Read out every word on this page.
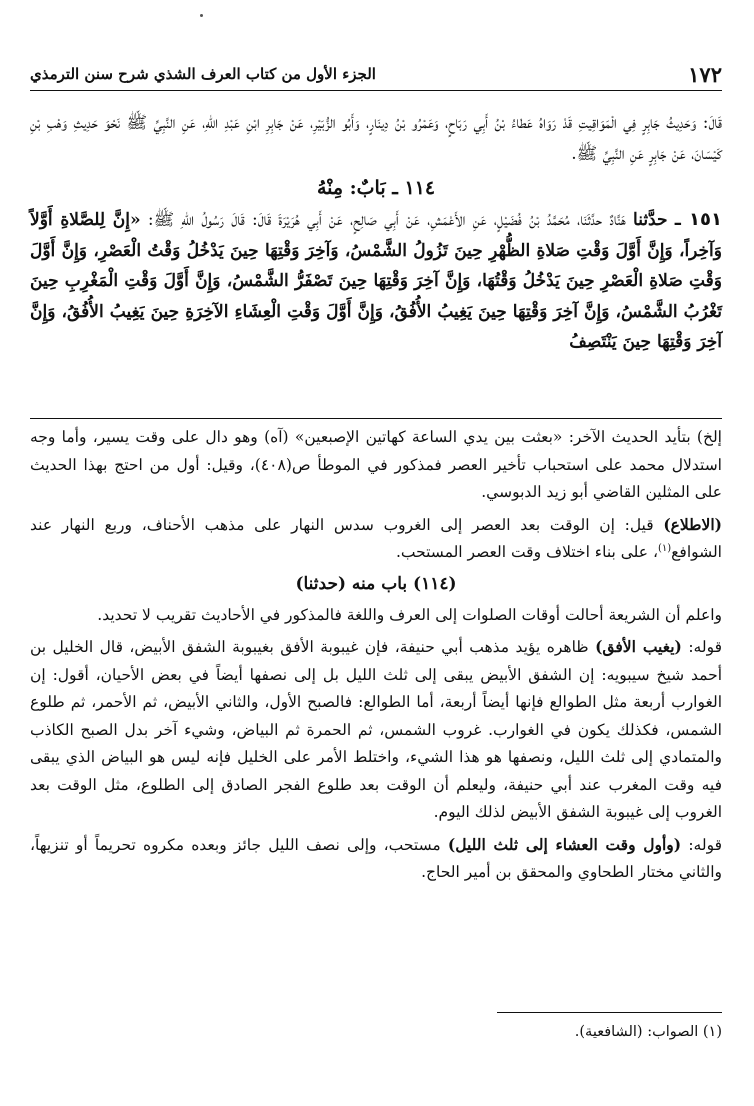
١٧٢
الجزء الأول من كتاب العرف الشذي شرح سنن الترمذي

قَالَ: وَحَدِيثُ جَابِرٍ فِي الْمَوَاقِيتِ قَدْ رَوَاهُ عَطاءُ بْنُ أَبِي رَبَاحٍ، وَعَمْرُو بْنُ دِينَارٍ، وَأَبُو الزُّبَيْرِ، عَنْ جَابِرِ ابْنِ عَبْدِ اللهِ، عَنِ النَّبِيِّ ﷺ نَحْوَ حَدِيثِ وَهْبِ بْنِ كَيْسَانَ، عَنْ جَابِرٍ عَنِ النَّبِيِّ ﷺ.

١١٤ ـ بَابٌ: مِنْهُ

١٥١ ـ حدَّثنا هَنَّادٌ حدَّثَنَا، مُحَمَّدُ بْنُ فُضَيْلٍ، عَنِ الأَعْمَشِ، عَنْ أَبِي صَالِحٍ، عَنْ أَبِي هُرَيْرَةَ قَالَ: قَالَ رَسُولُ اللهِ ﷺ: «إِنَّ لِلصَّلاةِ أَوَّلاً وَآخِراً، وَإِنَّ أَوَّلَ وَقْتِ صَلاةِ الظُّهْرِ حِينَ تَزُولُ الشَّمْسُ، وَآخِرَ وَقْتِهَا حِينَ يَدْخُلُ وَقْتُ الْعَصْرِ، وَإِنَّ أَوَّلَ وَقْتِ صَلاةِ الْعَصْرِ حِينَ يَدْخُلُ وَقْتُهَا، وَإِنَّ آخِرَ وَقْتِهَا حِينَ تَصْفَرُّ الشَّمْسُ، وَإِنَّ أَوَّلَ وَقْتِ الْمَغْرِبِ حِينَ تَغْرُبُ الشَّمْسُ، وَإِنَّ آخِرَ وَقْتِهَا حِينَ يَغِيبُ الأُفُقُ، وَإِنَّ أَوَّلَ وَقْتِ الْعِشَاءِ الآخِرَةِ حِينَ يَغِيبُ الأُفُقُ، وَإِنَّ آخِرَ وَقْتِهَا حِينَ يَنْتَصِفُ

إلخ) بتأيد الحديث الآخر: «بعثت بين يدي الساعة كهاتين الإصبعين» (آه) وهو دال على وقت يسير، وأما وجه استدلال محمد على استحباب تأخير العصر فمذكور في الموطأ ص(٤٠٨)، وقيل: أول من احتج بهذا الحديث على المثلين القاضي أبو زيد الدبوسي.

(الاطلاع) قيل: إن الوقت بعد العصر إلى الغروب سدس النهار على مذهب الأحناف، وربع النهار عند الشوافع$^{(١)}$، على بناء اختلاف وقت العصر المستحب.

(١١٤) باب منه (حدثنا)

واعلم أن الشريعة أحالت أوقات الصلوات إلى العرف واللغة فالمذكور في الأحاديث تقريب لا تحديد.

قوله: (يغيب الأفق) ظاهره يؤيد مذهب أبي حنيفة، فإن غيبوبة الأفق بغيبوبة الشفق الأبيض، قال الخليل بن أحمد شيخ سيبويه: إن الشفق الأبيض يبقى إلى ثلث الليل بل إلى نصفها أيضاً في بعض الأحيان، أقول: إن الغوارب أربعة مثل الطوالع فإنها أيضاً أربعة، أما الطوالع: فالصبح الأول، والثاني الأبيض، ثم الأحمر، ثم طلوع الشمس، فكذلك يكون في الغوارب. غروب الشمس، ثم الحمرة ثم البياض، وشيء آخر بدل الصبح الكاذب والمتمادي إلى ثلث الليل، ونصفها هو هذا الشيء، واختلط الأمر على الخليل فإنه ليس هو البياض الذي يبقى فيه وقت المغرب عند أبي حنيفة، وليعلم أن الوقت بعد طلوع الفجر الصادق إلى الطلوع، مثل الوقت بعد الغروب إلى غيبوبة الشفق الأبيض لذلك اليوم.

قوله: (وأول وقت العشاء إلى ثلث الليل) مستحب، وإلى نصف الليل جائز وبعده مكروه تحريماً أو تنزيهاً، والثاني مختار الطحاوي والمحقق بن أمير الحاج.

(١) الصواب: (الشافعية).
